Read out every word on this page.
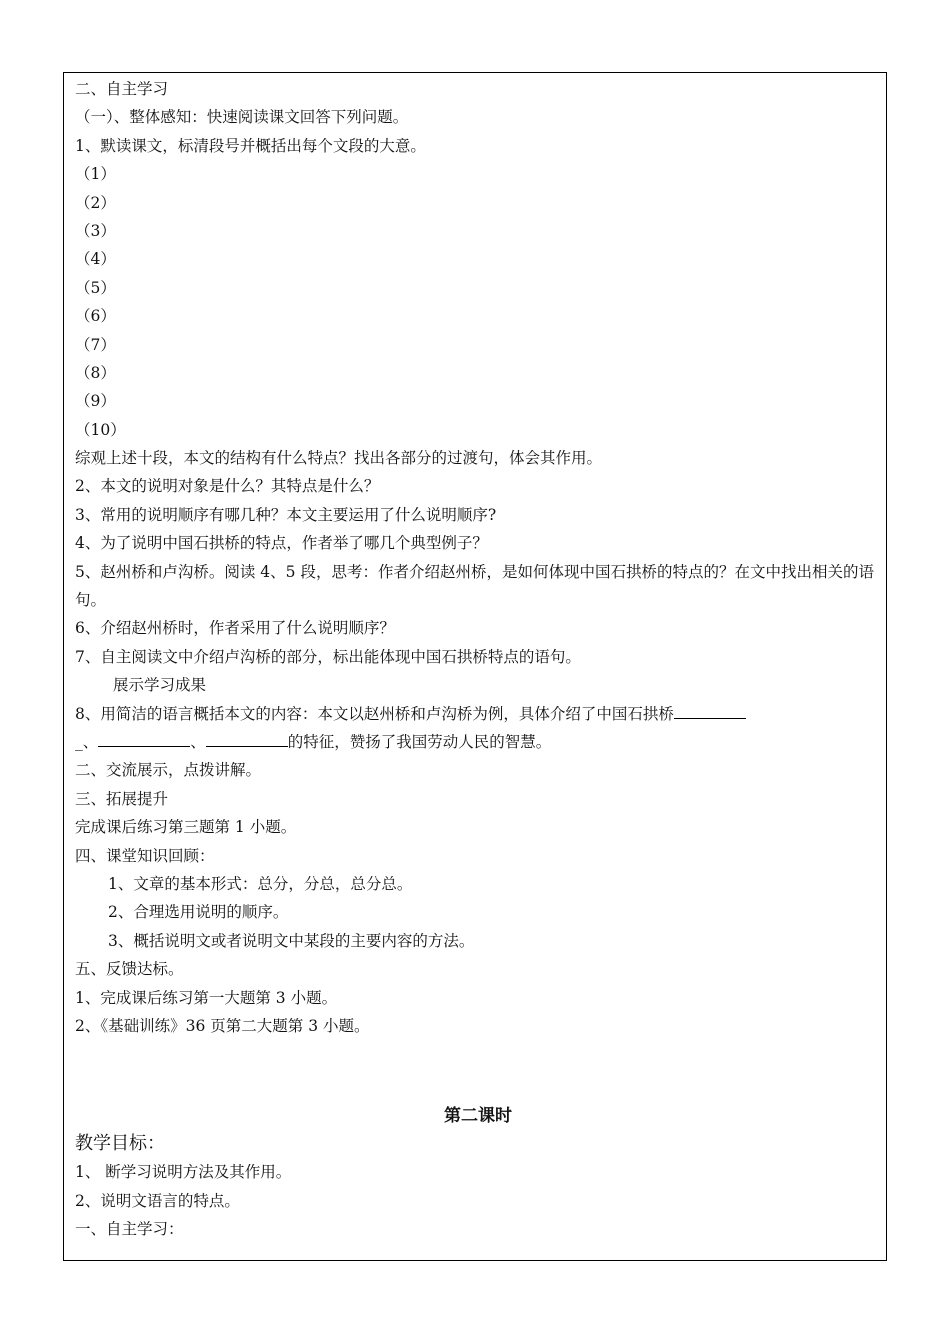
二、自主学习
（一）、整体感知：快速阅读课文回答下列问题。
1、默读课文，标清段号并概括出每个文段的大意。
（1）
（2）
（3）
（4）
（5）
（6）
（7）
（8）
（9）
（10）
综观上述十段，本文的结构有什么特点？找出各部分的过渡句，体会其作用。
2、本文的说明对象是什么？其特点是什么？
3、常用的说明顺序有哪几种？本文主要运用了什么说明顺序?
4、为了说明中国石拱桥的特点，作者举了哪几个典型例子？
5、赵州桥和卢沟桥。阅读 4、5 段，思考：作者介绍赵州桥，是如何体现中国石拱桥的特点的？在文中找出相关的语句。
6、介绍赵州桥时，作者采用了什么说明顺序？
7、自主阅读文中介绍卢沟桥的部分，标出能体现中国石拱桥特点的语句。
展示学习成果
8、用简洁的语言概括本文的内容：本文以赵州桥和卢沟桥为例，具体介绍了中国石拱桥
_、	、	的特征，赞扬了我国劳动人民的智慧。
二、交流展示，点拨讲解。
三、拓展提升
完成课后练习第三题第 1 小题。
四、课堂知识回顾：
1、文章的基本形式：总分，分总，总分总。
2、合理选用说明的顺序。
3、概括说明文或者说明文中某段的主要内容的方法。
五、反馈达标。
1、完成课后练习第一大题第 3 小题。
2、《基础训练》36 页第二大题第 3 小题。
第二课时
教学目标：
1、 断学习说明方法及其作用。
2、说明文语言的特点。
一、自主学习：
